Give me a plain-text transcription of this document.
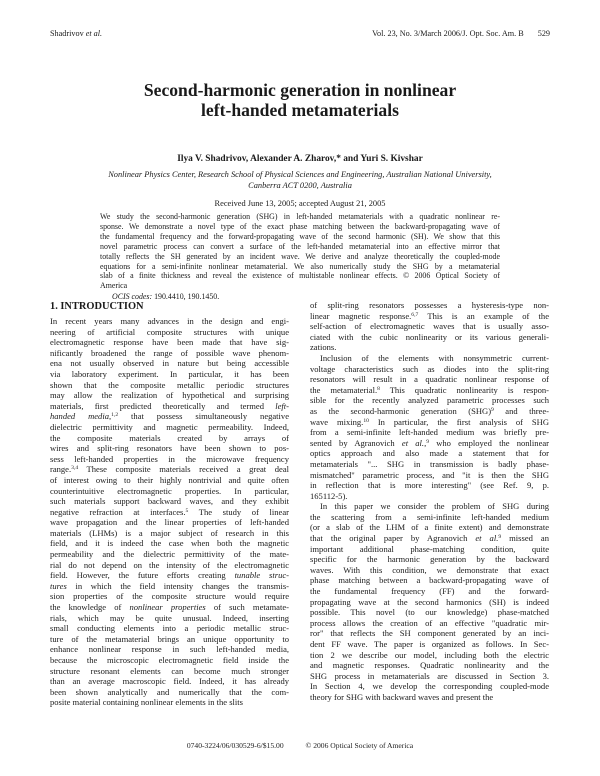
Shadrivov et al.	Vol. 23, No. 3/March 2006/J. Opt. Soc. Am. B 529
Second-harmonic generation in nonlinear
left-handed metamaterials
Ilya V. Shadrivov, Alexander A. Zharov,* and Yuri S. Kivshar
Nonlinear Physics Center, Research School of Physical Sciences and Engineering, Australian National University,
Canberra ACT 0200, Australia
Received June 13, 2005; accepted August 21, 2005
We study the second-harmonic generation (SHG) in left-handed metamaterials with a quadratic nonlinear re-
sponse. We demonstrate a novel type of the exact phase matching between the backward-propagating wave of
the fundamental frequency and the forward-propagating wave of the second harmonic (SH). We show that this
novel parametric process can convert a surface of the left-handed metamaterial into an effective mirror that
totally reflects the SH generated by an incident wave. We derive and analyze theoretically the coupled-mode
equations for a semi-infinite nonlinear metamaterial. We also numerically study the SHG by a metamaterial
slab of a finite thickness and reveal the existence of multistable nonlinear effects. © 2006 Optical Society of
America
OCIS codes: 190.4410, 190.1450.
1. INTRODUCTION
In recent years many advances in the design and engi-
neering of artificial composite structures with unique
electromagnetic response have been made that have sig-
nificantly broadened the range of possible wave phenom-
ena not usually observed in nature but being accessible
via laboratory experiment. In particular, it has been
shown that the composite metallic periodic structures
may allow the realization of hypothetical and surprising
materials, first predicted theoretically and termed left-
handed media,$^{1,2}$ that possess simultaneously negative
dielectric permittivity and magnetic permeability. Indeed,
the composite materials created by arrays of
wires and split-ring resonators have been shown to pos-
sess left-handed properties in the microwave frequency
range.$^{3,4}$ These composite materials received a great deal
of interest owing to their highly nontrivial and quite often
counterintuitive electromagnetic properties. In particular,
such materials support backward waves, and they exhibit
negative refraction at interfaces.$^5$ The study of linear
wave propagation and the linear properties of left-handed
materials (LHMs) is a major subject of research in this
field, and it is indeed the case when both the magnetic
permeability and the dielectric permittivity of the mate-
rial do not depend on the intensity of the electromagnetic
field. However, the future efforts creating tunable struc-
tures in which the field intensity changes the transmis-
sion properties of the composite structure would require
the knowledge of nonlinear properties of such metamate-
rials, which may be quite unusual. Indeed, inserting
small conducting elements into a periodic metallic struc-
ture of the metamaterial brings an unique opportunity to
enhance nonlinear response in such left-handed media,
because the microscopic electromagnetic field inside the
structure resonant elements can become much stronger
than an average macroscopic field. Indeed, it has already
been shown analytically and numerically that the com-
posite material containing nonlinear elements in the slits
of split-ring resonators possesses a hysteresis-type non-
linear magnetic response.$^{6,7}$ This is an example of the
self-action of electromagnetic waves that is usually asso-
ciated with the cubic nonlinearity or its various generali-
zations.
Inclusion of the elements with nonsymmetric current-
voltage characteristics such as diodes into the split-ring
resonators will result in a quadratic nonlinear response of
the metamaterial.$^8$ This quadratic nonlinearity is respon-
sible for the recently analyzed parametric processes such
as the second-harmonic generation (SHG)$^9$ and three-
wave mixing.$^{10}$ In particular, the first analysis of SHG
from a semi-infinite left-handed medium was briefly pre-
sented by Agranovich et al.,$^9$ who employed the nonlinear
optics approach and also made a statement that for
metamaterials "... SHG in transmission is badly phase-
mismatched" parametric process, and "it is then the SHG
in reflection that is more interesting" (see Ref. 9, p.
165112-5).
In this paper we consider the problem of SHG during
the scattering from a semi-infinite left-handed medium
(or a slab of the LHM of a finite extent) and demonstrate
that the original paper by Agranovich et al.$^9$ missed an
important additional phase-matching condition, quite
specific for the harmonic generation by the backward
waves. With this condition, we demonstrate that exact
phase matching between a backward-propagating wave of
the fundamental frequency (FF) and the forward-
propagating wave at the second harmonics (SH) is indeed
possible. This novel (to our knowledge) phase-matched
process allows the creation of an effective "quadratic mir-
ror" that reflects the SH component generated by an inci-
dent FF wave. The paper is organized as follows. In Sec-
tion 2 we describe our model, including both the electric
and magnetic responses. Quadratic nonlinearity and the
SHG process in metamaterials are discussed in Section 3.
In Section 4, we develop the corresponding coupled-mode
theory for SHG with backward waves and present the
0740-3224/06/030529-6/$15.00	© 2006 Optical Society of America
